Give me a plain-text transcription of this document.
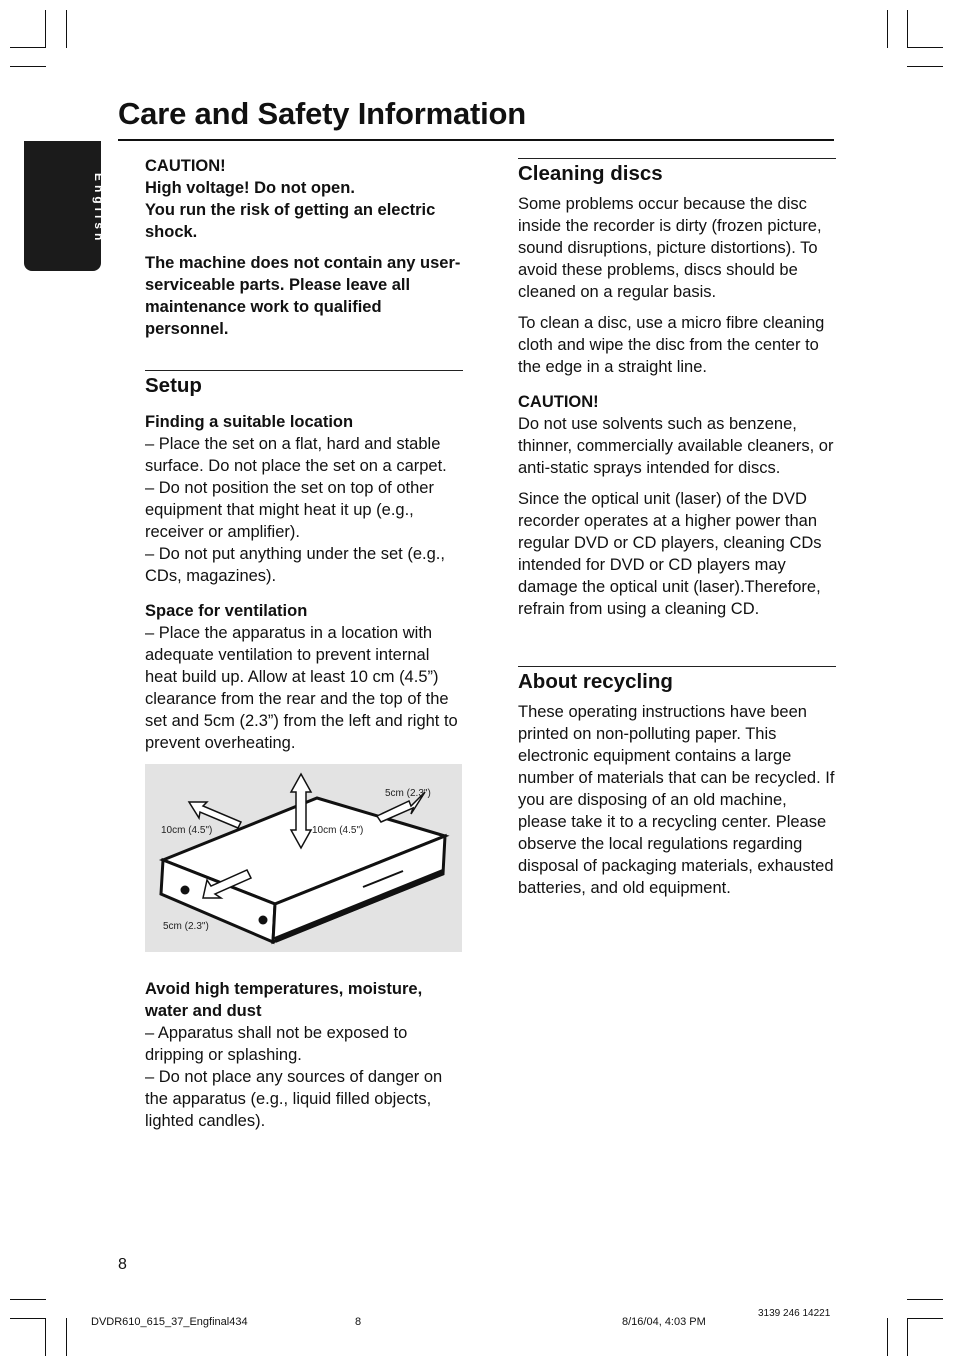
Care and Safety Information
English
CAUTION!
High voltage! Do not open.
You run the risk of getting an electric shock.

The machine does not contain any user-serviceable parts. Please leave all maintenance work to qualified personnel.

Setup
Finding a suitable location

– Place the set on a flat, hard and stable surface. Do not place the set on a carpet.

– Do not position the set on top of other equipment that might heat it up (e.g., receiver or amplifier).

– Do not put anything under the set (e.g., CDs, magazines).

Space for ventilation

– Place the apparatus in a location with adequate ventilation to prevent internal heat build up. Allow at least 10 cm (4.5”) clearance from the rear and the top of the set and 5cm (2.3”) from the left and right to prevent overheating.

10cm (4.5")	10cm (4.5")
5cm (2.3")
5cm (2.3")
Avoid high temperatures, moisture, water and dust

– Apparatus shall not be exposed to dripping or splashing.

– Do not place any sources of danger on the apparatus (e.g., liquid filled objects, lighted candles).

Cleaning discs

Some problems occur because the disc inside the recorder is dirty (frozen picture, sound disruptions, picture distortions). To avoid these problems, discs should be cleaned on a regular basis.

To clean a disc, use a micro fibre cleaning cloth and wipe the disc from the center to the edge in a straight line.

CAUTION!

Do not use solvents such as benzene, thinner, commercially available cleaners, or anti-static sprays intended for discs.

Since the optical unit (laser) of the DVD recorder operates at a higher power than regular DVD or CD players, cleaning CDs intended for DVD or CD players may damage the optical unit (laser).Therefore, refrain from using a cleaning CD.

About recycling

These operating instructions have been printed on non-polluting paper. This electronic equipment contains a large number of materials that can be recycled. If you are disposing of an old machine, please take it to a recycling center. Please observe the local regulations regarding disposal of packaging materials, exhausted batteries, and old equipment.

8
DVDR610_615_37_Engfinal434	8	8/16/04, 4:03 PM
3139 246 14221
